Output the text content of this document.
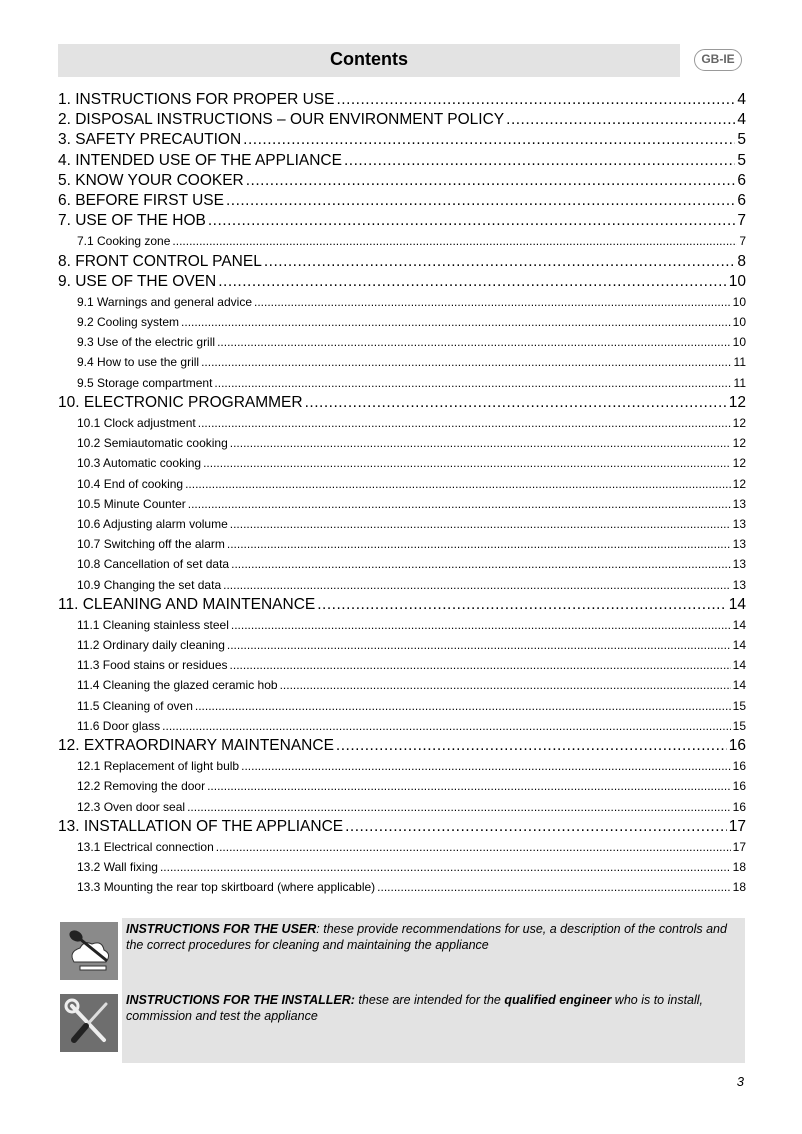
Contents	GB-IE
1. INSTRUCTIONS FOR PROPER USE .....	4
2. DISPOSAL INSTRUCTIONS – OUR ENVIRONMENT POLICY .....	4
3. SAFETY PRECAUTION .....	5
4. INTENDED USE OF THE APPLIANCE .....	5
5. KNOW YOUR COOKER .....	6
6. BEFORE FIRST USE .....	6
7. USE OF THE HOB .....	7
7.1 Cooking zone .....	7
8. FRONT CONTROL PANEL .....	8
9. USE OF THE OVEN .....	10
9.1 Warnings and general advice .....	10
9.2 Cooling system .....	10
9.3 Use of the electric grill .....	10
9.4 How to use the grill .....	11
9.5 Storage compartment .....	11
10. ELECTRONIC PROGRAMMER .....	12
10.1 Clock adjustment .....	12
10.2 Semiautomatic cooking .....	12
10.3 Automatic cooking .....	12
10.4 End of cooking .....	12
10.5 Minute Counter .....	13
10.6 Adjusting alarm volume .....	13
10.7 Switching off the alarm .....	13
10.8 Cancellation of set data .....	13
10.9 Changing the set data .....	13
11. CLEANING AND MAINTENANCE .....	14
11.1 Cleaning stainless steel .....	14
11.2 Ordinary daily cleaning .....	14
11.3 Food stains or residues .....	14
11.4 Cleaning the glazed ceramic hob .....	14
11.5 Cleaning of oven .....	15
11.6 Door glass .....	15
12. EXTRAORDINARY MAINTENANCE .....	16
12.1 Replacement of light bulb .....	16
12.2 Removing the door .....	16
12.3 Oven door seal .....	16
13. INSTALLATION OF THE APPLIANCE .....	17
13.1 Electrical connection .....	17
13.2 Wall fixing .....	18
13.3 Mounting the rear top skirtboard (where applicable) .....	18
INSTRUCTIONS FOR THE USER: these provide recommendations for use, a description of the controls and the correct procedures for cleaning and maintaining the appliance
INSTRUCTIONS FOR THE INSTALLER: these are intended for the qualified engineer who is to install, commission and test the appliance
3
